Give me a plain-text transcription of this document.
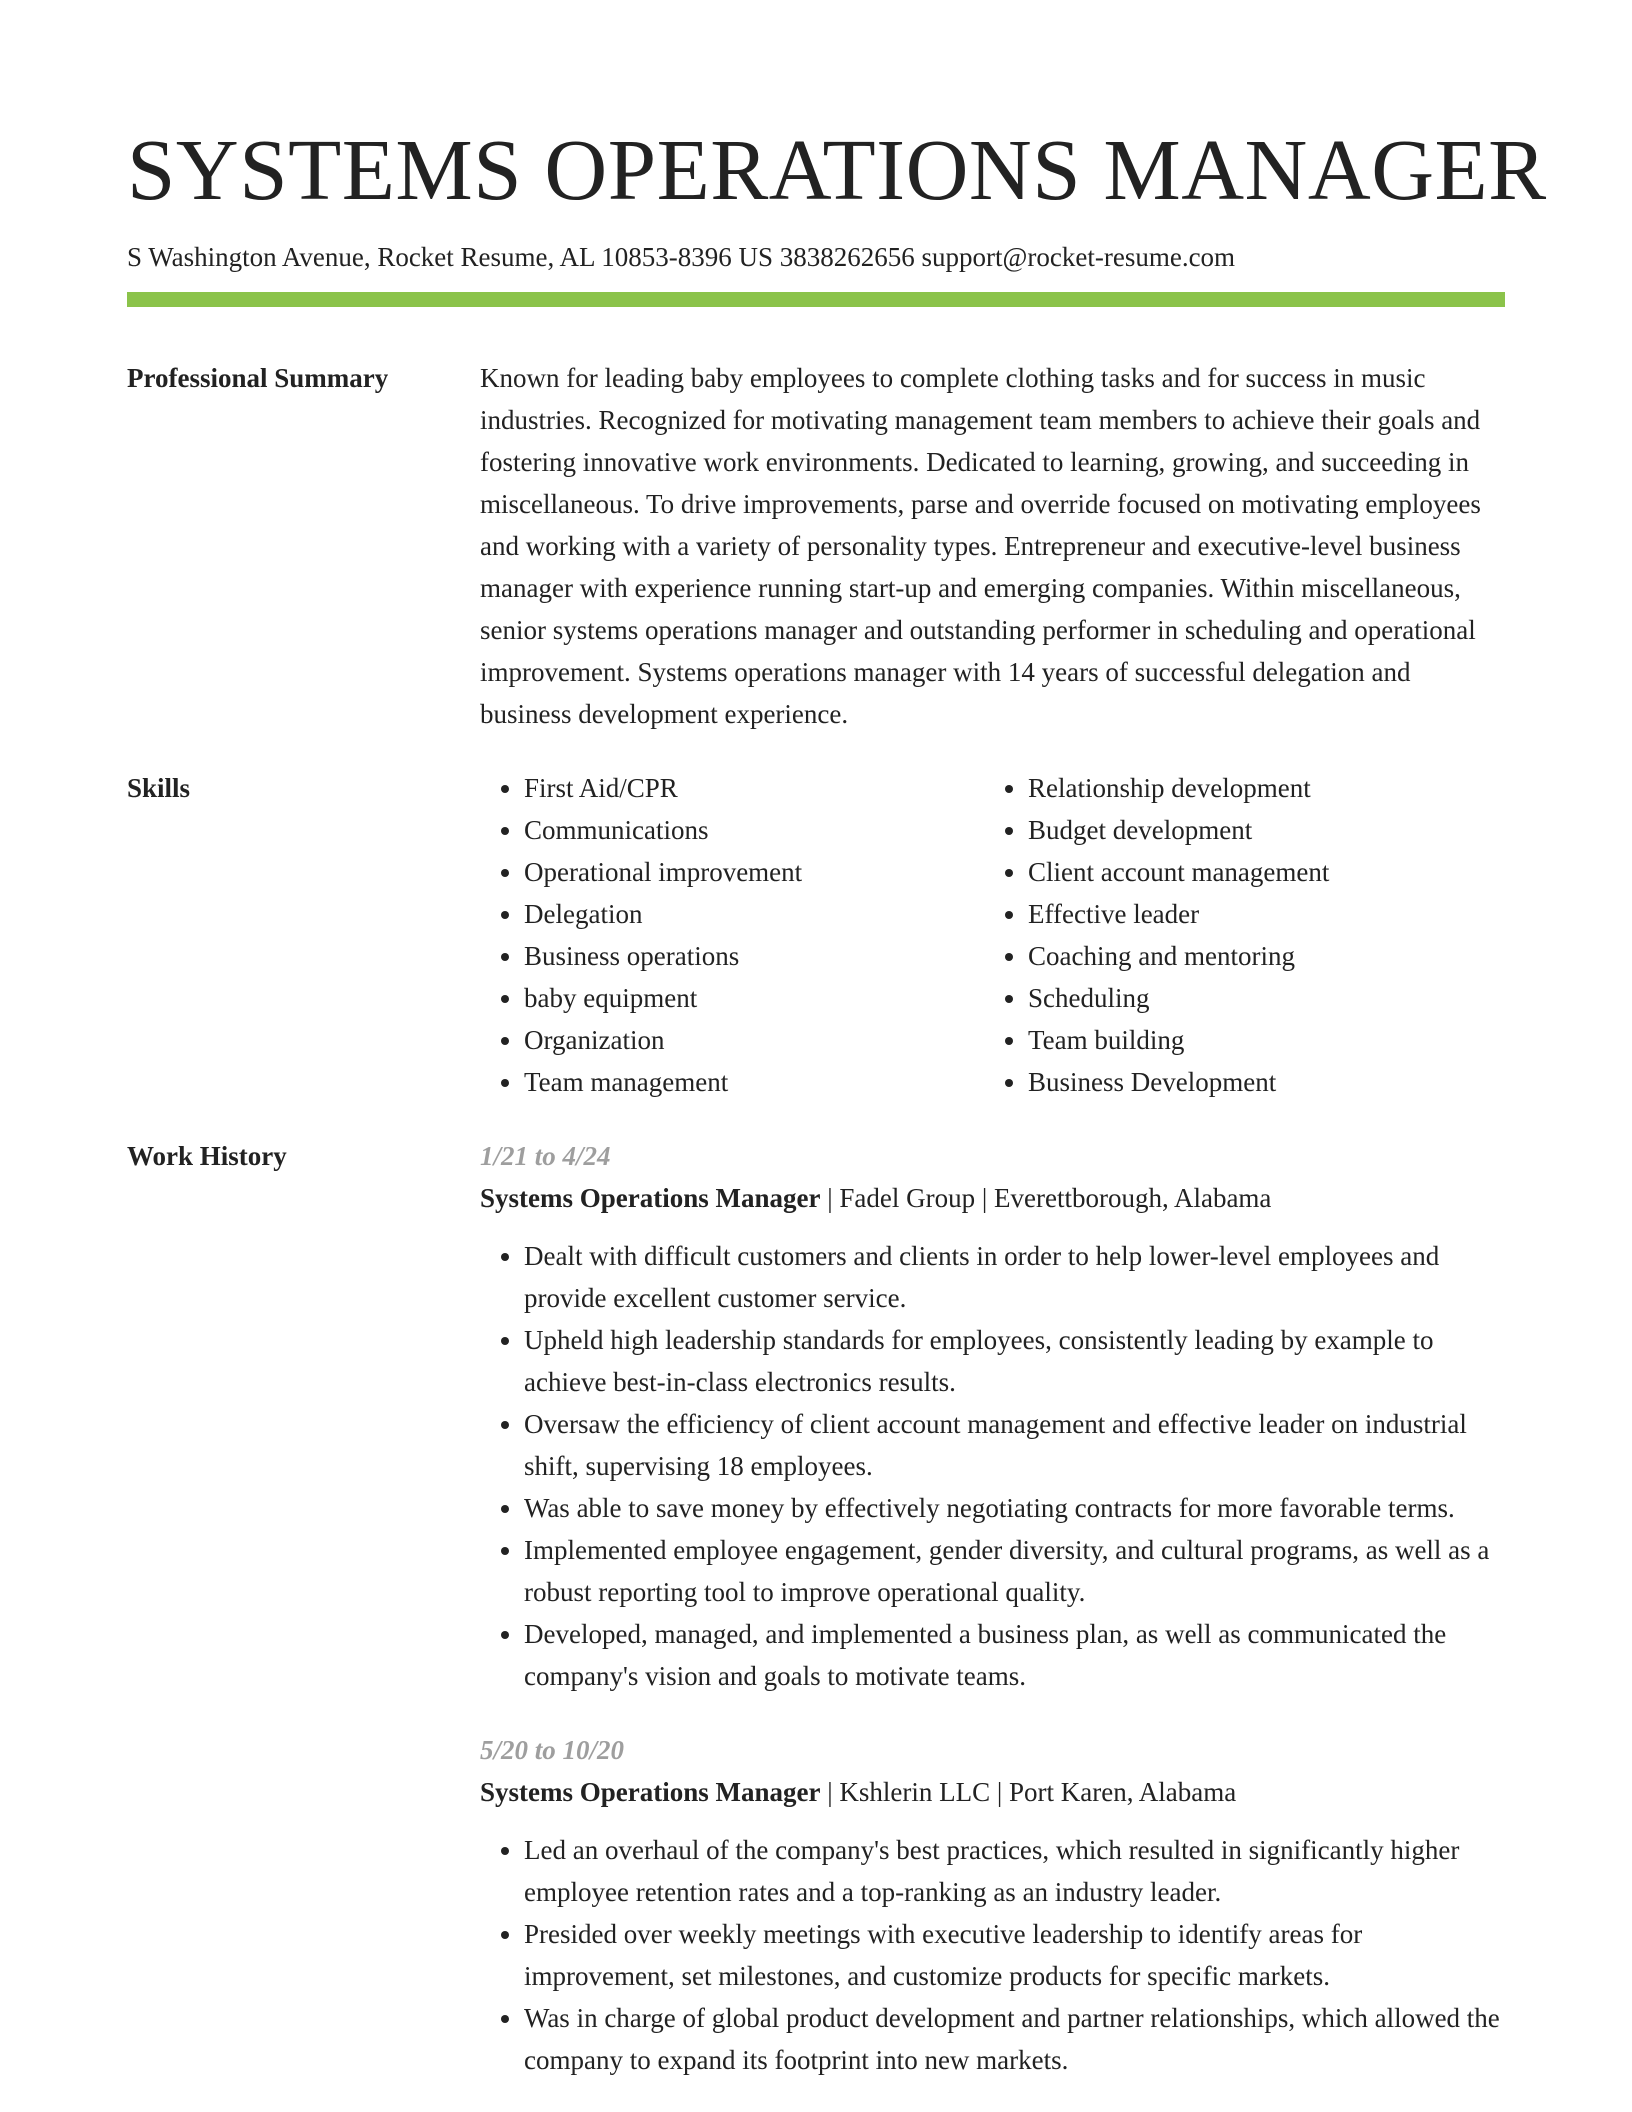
SYSTEMS OPERATIONS MANAGER
S Washington Avenue, Rocket Resume, AL 10853-8396 US 3838262656 support@rocket-resume.com
Professional Summary	Known for leading baby employees to complete clothing tasks and for success in music industries. Recognized for motivating management team members to achieve their goals and fostering innovative work environments. Dedicated to learning, growing, and succeeding in miscellaneous. To drive improvements, parse and override focused on motivating employees and working with a variety of personality types. Entrepreneur and executive-level business manager with experience running start-up and emerging companies. Within miscellaneous, senior systems operations manager and outstanding performer in scheduling and operational improvement. Systems operations manager with 14 years of successful delegation and business development experience.

Skills
•	First Aid/CPR
• Communications
• Operational improvement
• Delegation
• Business operations
• baby equipment
• Organization
• Team management
• Relationship development
• Budget development
• Client account management
• Effective leader
• Coaching and mentoring
• Scheduling
• Team building
• Business Development
Work History	1/21 to 4/24
Systems Operations Manager | Fadel Group | Everettborough, Alabama
• Dealt with difficult customers and clients in order to help lower-level employees and provide excellent customer service.
• Upheld high leadership standards for employees, consistently leading by example to achieve best-in-class electronics results.
• Oversaw the efficiency of client account management and effective leader on industrial shift, supervising 18 employees.
• Was able to save money by effectively negotiating contracts for more favorable terms.
• Implemented employee engagement, gender diversity, and cultural programs, as well as a robust reporting tool to improve operational quality.
• Developed, managed, and implemented a business plan, as well as communicated the company's vision and goals to motivate teams.
5/20 to 10/20
Systems Operations Manager | Kshlerin LLC | Port Karen, Alabama
• Led an overhaul of the company's best practices, which resulted in significantly higher employee retention rates and a top-ranking as an industry leader.
• Presided over weekly meetings with executive leadership to identify areas for improvement, set milestones, and customize products for specific markets.
• Was in charge of global product development and partner relationships, which allowed the company to expand its footprint into new markets.
